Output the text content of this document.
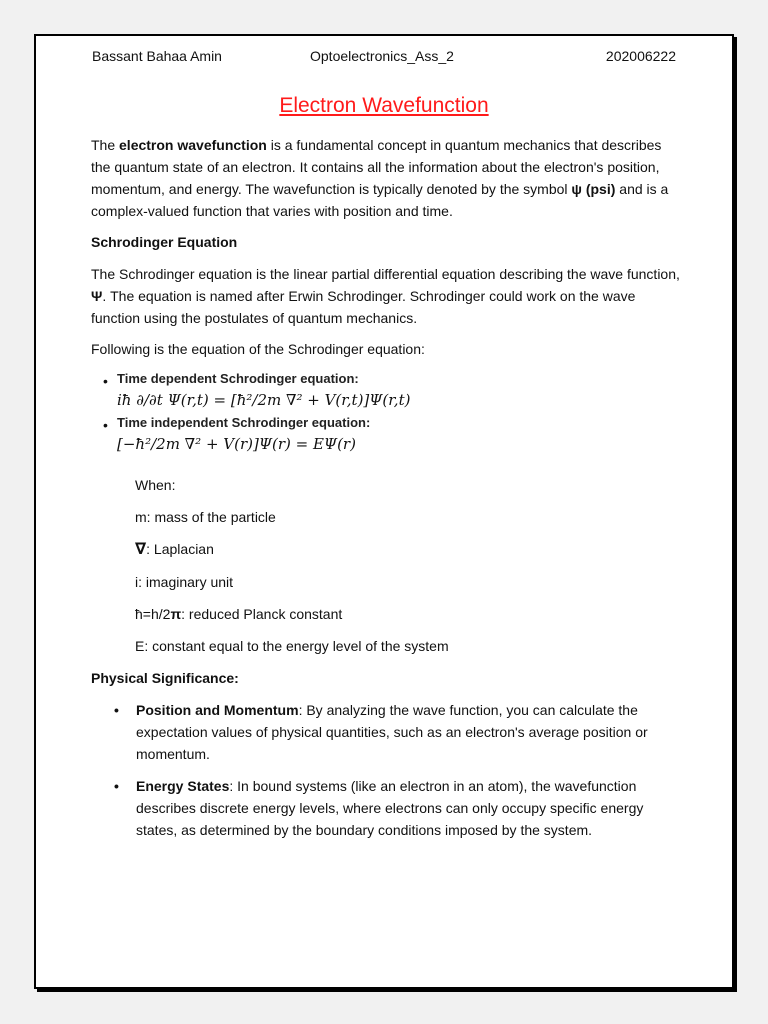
Bassant Bahaa Amin	Optoelectronics_Ass_2	202006222
Electron Wavefunction

The electron wavefunction is a fundamental concept in quantum mechanics that describes the quantum state of an electron. It contains all the information about the electron's position, momentum, and energy. The wavefunction is typically denoted by the symbol ψ (psi) and is a complex-valued function that varies with position and time.

Schrodinger Equation

The Schrodinger equation is the linear partial differential equation describing the wave function, Ψ. The equation is named after Erwin Schrodinger. Schrodinger could work on the wave function using the postulates of quantum mechanics.

Following is the equation of the Schrodinger equation:

• Time dependent Schrodinger equation:
iħ ∂/∂t Ψ(r,t) = [ħ²/2m ∇² + V(r,t)]Ψ(r,t)
• Time independent Schrodinger equation:
[−ħ²/2m ∇² + V(r)]Ψ(r) = EΨ(r)

When:

m: mass of the particle

∇: Laplacian

i: imaginary unit

ħ=h/2π: reduced Planck constant

E: constant equal to the energy level of the system

Physical Significance:

• Position and Momentum: By analyzing the wave function, you can calculate the expectation values of physical quantities, such as an electron's average position or momentum.
• Energy States: In bound systems (like an electron in an atom), the wavefunction describes discrete energy levels, where electrons can only occupy specific energy states, as determined by the boundary conditions imposed by the system.
